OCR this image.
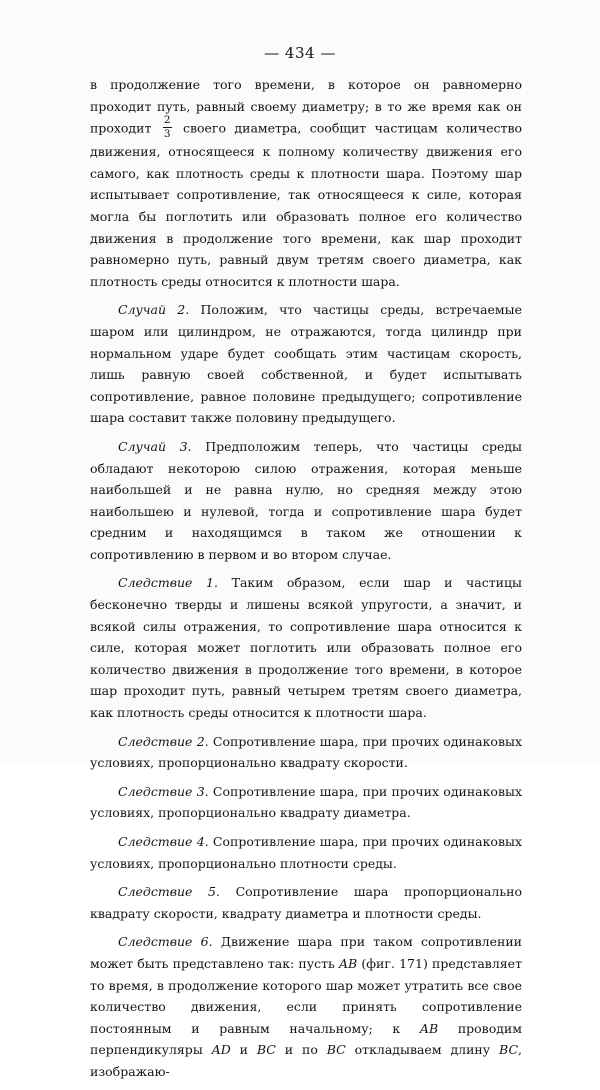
— 434 —

в продолжение того времени, в которое он равномерно проходит путь, равный своему диаметру; в то же время как он проходит $\frac{2}{3}$ своего диаметра, сообщит частицам количество движения, относящееся к полному количеству движения его самого, как плотность среды к плотности шара. Поэтому шар испытывает сопротивление, так относящееся к силе, которая могла бы поглотить или образовать полное его количество движения в продолжение того времени, как шар проходит равномерно путь, равный двум третям своего диаметра, как плотность среды относится к плотности шара.

Случай 2. Положим, что частицы среды, встречаемые шаром или цилиндром, не отражаются, тогда цилиндр при нормальном ударе будет сообщать этим частицам скорость, лишь равную своей собственной, и будет испытывать сопротивление, равное половине предыдущего; сопротивление шара составит также половину предыдущего.

Случай 3. Предположим теперь, что частицы среды обладают некоторою силою отражения, которая меньше наибольшей и не равна нулю, но средняя между этою наибольшею и нулевой, тогда и сопротивление шара будет средним и находящимся в таком же отношении к сопротивлению в первом и во втором случае.

Следствие 1. Таким образом, если шар и частицы бесконечно тверды и лишены всякой упругости, а значит, и всякой силы отражения, то сопротивление шара относится к силе, которая может поглотить или образовать полное его количество движения в продолжение того времени, в которое шар проходит путь, равный четырем третям своего диаметра, как плотность среды относится к плотности шара.

Следствие 2. Сопротивление шара, при прочих одинаковых условиях, пропорционально квадрату скорости.

Следствие 3. Сопротивление шара, при прочих одинаковых условиях, пропорционально квадрату диаметра.

Следствие 4. Сопротивление шара, при прочих одинаковых условиях, пропорционально плотности среды.

Следствие 5. Сопротивление шара пропорционально квадрату скорости, квадрату диаметра и плотности среды.

Следствие 6. Движение шара при таком сопротивлении может быть представлено так: пусть AB (фиг. 171) представляет то время, в продолжение которого шар может утратить все свое количество движения, если принять сопротивление постоянным и равным начальному; к AB проводим перпендикуляры AD и BC и по BC откладываем длину BC, изображаю-
